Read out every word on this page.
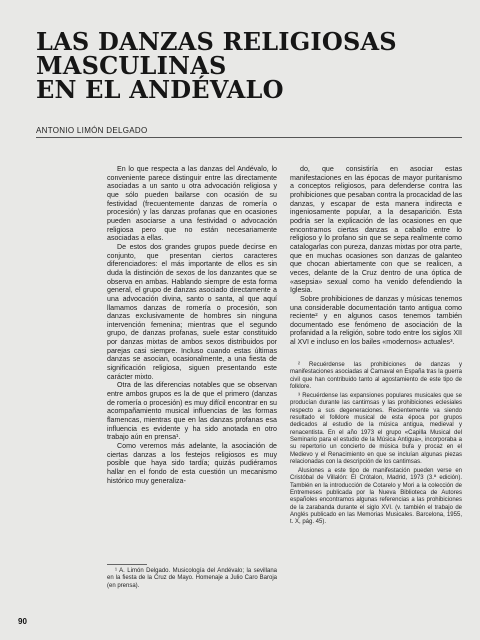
LAS DANZAS RELIGIOSAS
MASCULINAS
EN EL ANDÉVALO
ANTONIO LIMÓN DELGADO

En lo que respecta a las danzas del Andévalo, lo conveniente parece distinguir entre las directamente asociadas a un santo u otra advocación religiosa y que sólo pueden bailarse con ocasión de su festividad (frecuentemente danzas de romería o procesión) y las danzas profanas que en ocasiones pueden asociarse a una festividad o advocación religiosa pero que no están necesariamente asociadas a ellas.

De estos dos grandes grupos puede decirse en conjunto, que presentan ciertos caracteres diferenciadores: el más importante de ellos es sin duda la distinción de sexos de los danzantes que se observa en ambas. Hablando siempre de esta forma general, el grupo de danzas asociado directamente a una advocación divina, santo o santa, al que aquí llamamos danzas de romería o procesión, son danzas exclusivamente de hombres sin ninguna intervención femenina; mientras que el segundo grupo, de danzas profanas, suele estar constituido por danzas mixtas de ambos sexos distribuidos por parejas casi siempre. Incluso cuando estas últimas danzas se asocian, ocasionalmente, a una fiesta de significación religiosa, siguen presentando este carácter mixto.

Otra de las diferencias notables que se observan entre ambos grupos es la de que el primero (danzas de romería o procesión) es muy difícil encontrar en su acompañamiento musical influencias de las formas flamencas, mientras que en las danzas profanas esa influencia es evidente y ha sido anotada en otro trabajo aún en prensa¹.

Como veremos más adelante, la asociación de ciertas danzas a los festejos religiosos es muy posible que haya sido tardía; quizás pudiéramos hallar en el fondo de esta cuestión un mecanismo histórico muy generaliza-

¹ A. Limón Delgado. Musicología del Andévalo; la sevillana en la fiesta de la Cruz de Mayo. Homenaje a Julio Caro Baroja (en prensa).

do, que consistiría en asociar estas manifestaciones en las épocas de mayor puritanismo a conceptos religiosos, para defenderse contra las prohibiciones que pesaban contra la procacidad de las danzas, y escapar de esta manera indirecta e ingeniosamente popular, a la desaparición. Esta podría ser la explicación de las ocasiones en que encontramos ciertas danzas a caballo entre lo religioso y lo profano sin que se sepa realmente como catalogarlas con pureza, danzas mixtas por otra parte, que en muchas ocasiones son danzas de galanteo que chocan abiertamente con que se realicen, a veces, delante de la Cruz dentro de una óptica de «asepsia» sexual como ha venido defendiendo la Iglesia.

Sobre prohibiciones de danzas y músicas tenemos una considerable documentación tanto antigua como reciente² y en algunos casos tenemos también documentado ese fenómeno de asociación de la profanidad a la religión, sobre todo entre los siglos XII al XVI e incluso en los bailes «modernos» actuales³.

² Recuérdense las prohibiciones de danzas y manifestaciones asociadas al Carnaval en España tras la guerra civil que han contribuido tanto al agostamiento de este tipo de folklore.

³ Recuérdense las expansiones populares musicales que se producían durante las cantimsas y las prohibiciones eclesiales respecto a sus degeneraciones. Recientemente va siendo resultado el folklore musical de esta época por grupos dedicados al estudio de la música antigua, medieval y renacentista. En el año 1973 el grupo «Capilla Musical del Seminario para el estudio de la Música Antigua», incorporaba a su repertorio un concierto de música bufa y procaz en el Medievo y el Renacimiento en que se incluían algunas piezas relacionadas con la descripción de los cantimsas.

Alusiones a este tipo de manifestación pueden verse en Cristóbal de Villalón: El Crótalon, Madrid, 1973 (3.ª edición). También en la introducción de Cotarelo y Mori a la colección de Entremeses publicada por la Nueva Biblioteca de Autores españoles encontramos algunas referencias a las prohibiciones de la zarabanda durante el siglo XVI. (v. también el trabajo de Anglés publicado en las Memorias Musicales. Barcelona, 1955, t. X, pág. 45).

90
